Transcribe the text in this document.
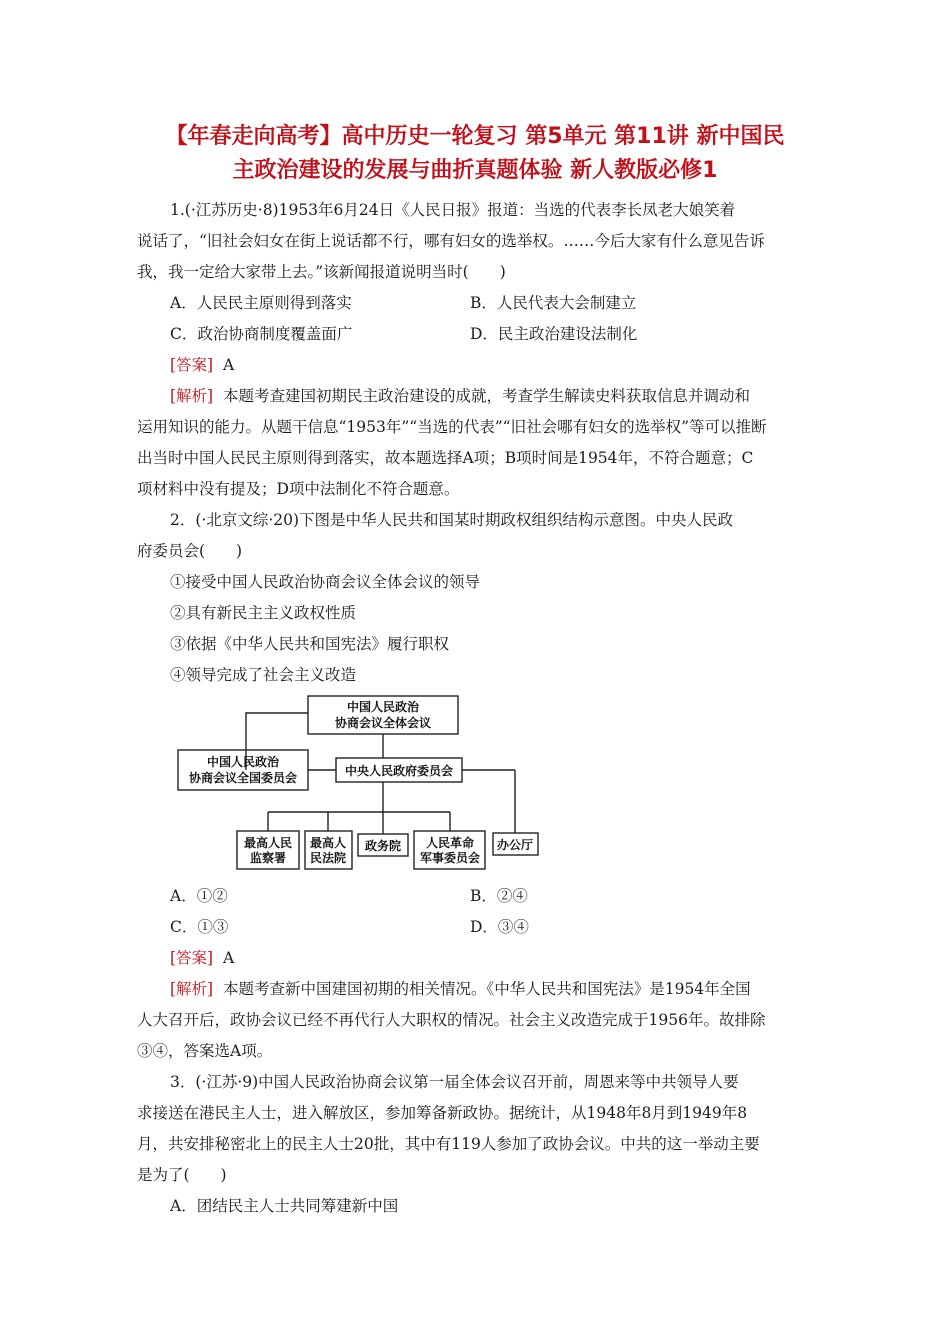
【年春走向高考】高中历史一轮复习 第5单元 第11讲 新中国民
主政治建设的发展与曲折真题体验 新人教版必修1
1.(·江苏历史·8)1953年6月24日《人民日报》报道：当选的代表李长凤老大娘笑着
说话了，“旧社会妇女在街上说话都不行，哪有妇女的选举权。……今后大家有什么意见告诉
我，我一定给大家带上去。”该新闻报道说明当时(　　)
A．人民民主原则得到落实	B．人民代表大会制建立
C．政治协商制度覆盖面广	D．民主政治建设法制化
[答案] A
[解析] 本题考查建国初期民主政治建设的成就，考查学生解读史料获取信息并调动和
运用知识的能力。从题干信息“1953年”“当选的代表”“旧社会哪有妇女的选举权”等可以推断
出当时中国人民民主原则得到落实，故本题选择A项；B项时间是1954年，不符合题意；C
项材料中没有提及；D项中法制化不符合题意。
2．(·北京文综·20)下图是中华人民共和国某时期政权组织结构示意图。中央人民政
府委员会(　　)
①接受中国人民政治协商会议全体会议的领导
②具有新民主主义政权性质
③依据《中华人民共和国宪法》履行职权
④领导完成了社会主义改造
中国人民政治
协商会议全体会议
中国人民政治
协商会议全国委员会	中央人民政府委员会
最高人民
监察署
最高人
民法院
政务院 人民革命
军事委员会
办公厅
A．①②	B．②④
C．①③	D．③④
[答案] A
[解析] 本题考查新中国建国初期的相关情况。《中华人民共和国宪法》是1954年全国
人大召开后，政协会议已经不再代行人大职权的情况。社会主义改造完成于1956年。故排除
③④，答案选A项。
3．(·江苏·9)中国人民政治协商会议第一届全体会议召开前，周恩来等中共领导人要
求接送在港民主人士，进入解放区，参加筹备新政协。据统计，从1948年8月到1949年8
月，共安排秘密北上的民主人士20批，其中有119人参加了政协会议。中共的这一举动主要
是为了(　　)
A．团结民主人士共同筹建新中国
